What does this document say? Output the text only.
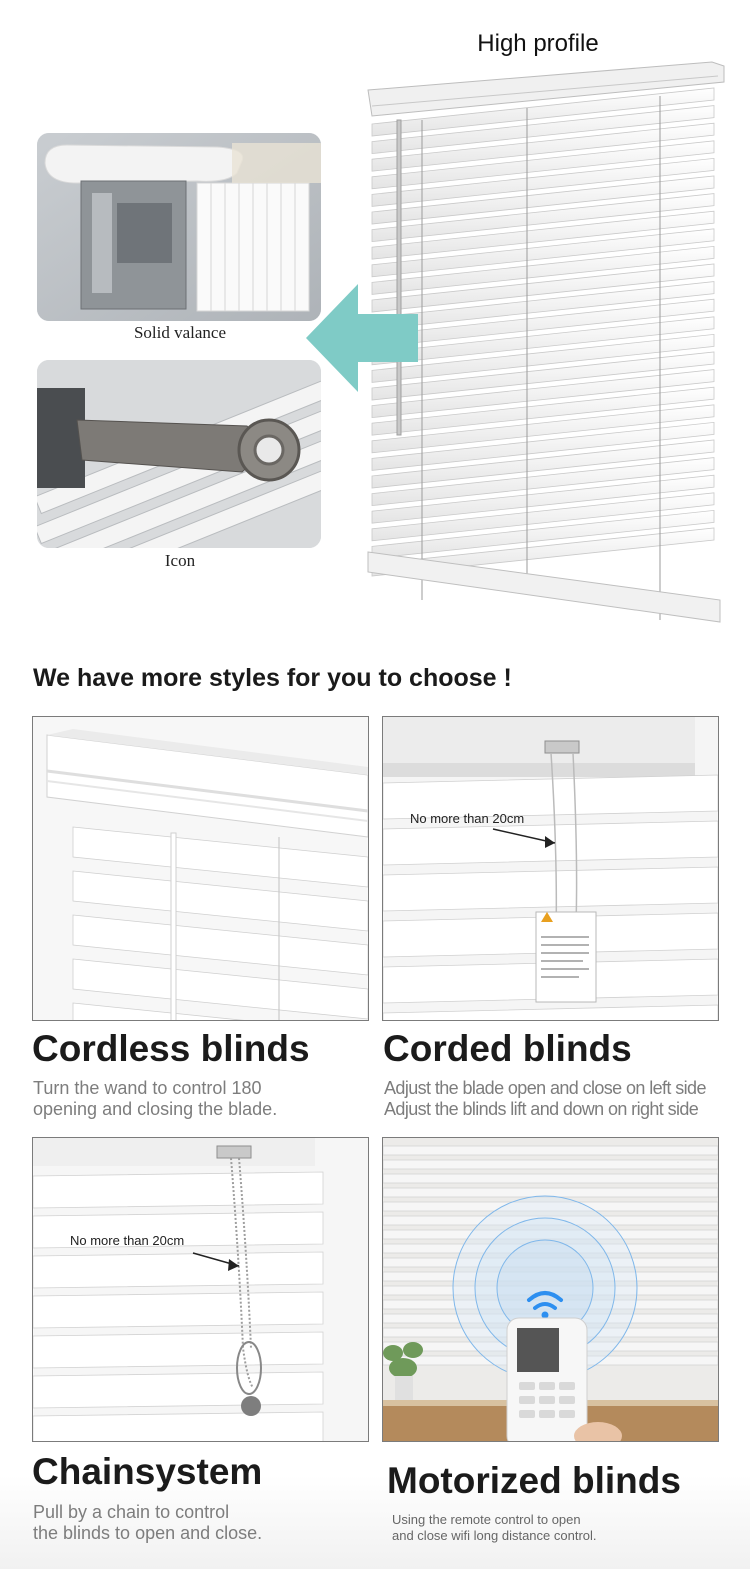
High profile
Solid valance
Icon
We have more styles for you to choose !
Cordless blinds
Turn the wand to control 180
opening and closing the blade.
No more than 20cm
Corded blinds
Adjust the blade open and close on left side
Adjust the blinds lift and down on right side
No more than 20cm
Chainsystem
Pull by a chain to control
the blinds to open and close.
Motorized blinds
Using the remote control to open
and close wifi long distance control.
